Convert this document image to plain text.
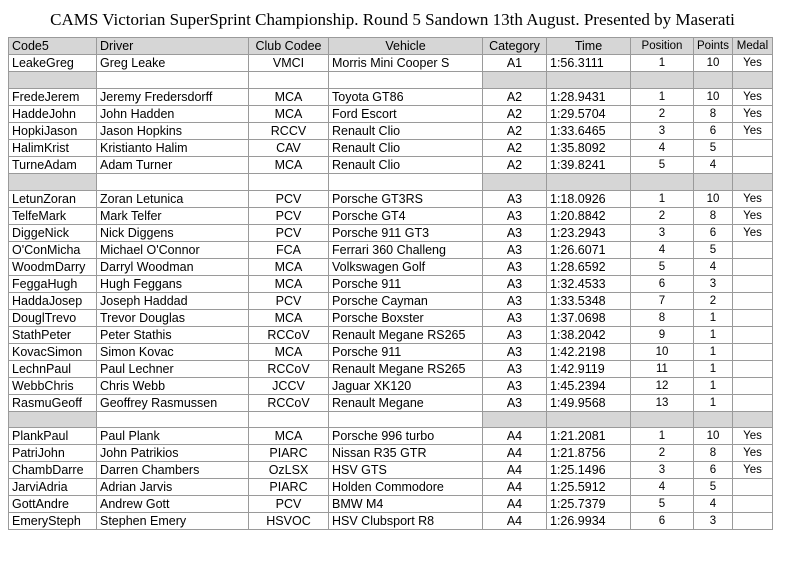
CAMS Victorian SuperSprint Championship. Round 5 Sandown 13th August. Presented by Maserati
Code5	Driver	Club Codee	Vehicle	Category	Time	Position	Points	Medal
LeakeGreg	Greg Leake	VMCI	Morris Mini Cooper S	A1	1:56.3111	1	10	Yes

FredeJerem	Jeremy Fredersdorff	MCA	Toyota GT86	A2	1:28.9431	1	10	Yes
HaddeJohn	John Hadden	MCA	Ford Escort	A2	1:29.5704	2	8	Yes
HopkiJason	Jason Hopkins	RCCV	Renault Clio	A2	1:33.6465	3	6	Yes
HalimKrist	Kristianto Halim	CAV	Renault Clio	A2	1:35.8092	4	5	
TurneAdam	Adam Turner	MCA	Renault Clio	A2	1:39.8241	5	4	

LetunZoran	Zoran Letunica	PCV	Porsche GT3RS	A3	1:18.0926	1	10	Yes
TelfeMark	Mark Telfer	PCV	Porsche GT4	A3	1:20.8842	2	8	Yes
DiggeNick	Nick Diggens	PCV	Porsche 911 GT3	A3	1:23.2943	3	6	Yes
O'ConMicha	Michael O'Connor	FCA	Ferrari 360 Challeng	A3	1:26.6071	4	5	
WoodmDarry	Darryl Woodman	MCA	Volkswagen Golf	A3	1:28.6592	5	4	
FeggaHugh	Hugh Feggans	MCA	Porsche 911	A3	1:32.4533	6	3	
HaddaJosep	Joseph Haddad	PCV	Porsche Cayman	A3	1:33.5348	7	2	
DouglTrevo	Trevor Douglas	MCA	Porsche Boxster	A3	1:37.0698	8	1	
StathPeter	Peter Stathis	RCCoV	Renault Megane RS265	A3	1:38.2042	9	1	
KovacSimon	Simon Kovac	MCA	Porsche 911	A3	1:42.2198	10	1	
LechnPaul	Paul Lechner	RCCoV	Renault Megane RS265	A3	1:42.9119	11	1	
WebbChris	Chris Webb	JCCV	Jaguar XK120	A3	1:45.2394	12	1	
RasmuGeoff	Geoffrey Rasmussen	RCCoV	Renault Megane	A3	1:49.9568	13	1	

PlankPaul	Paul Plank	MCA	Porsche 996 turbo	A4	1:21.2081	1	10	Yes
PatriJohn	John Patrikios	PIARC	Nissan R35 GTR	A4	1:21.8756	2	8	Yes
ChambDarre	Darren Chambers	OzLSX	HSV GTS	A4	1:25.1496	3	6	Yes
JarviAdria	Adrian Jarvis	PIARC	Holden Commodore	A4	1:25.5912	4	5	
GottAndre	Andrew Gott	PCV	BMW M4	A4	1:25.7379	5	4	
EmerySteph	Stephen Emery	HSVOC	HSV Clubsport R8	A4	1:26.9934	6	3	
